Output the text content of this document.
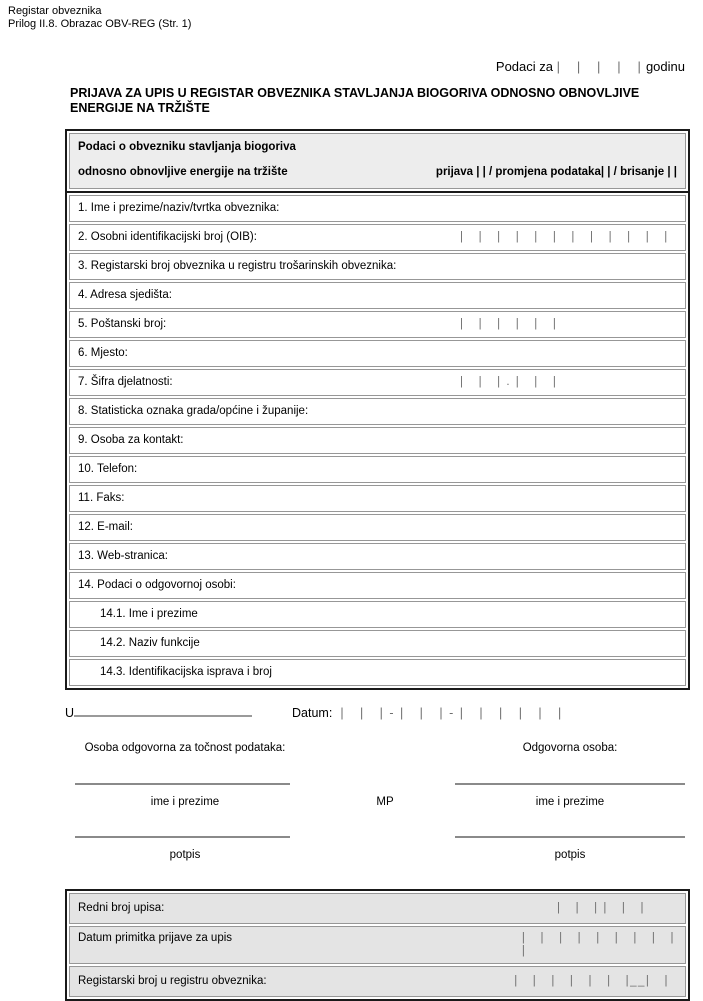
Registar obveznika
Prilog II.8. Obrazac OBV-REG (Str. 1)
Podaci za |   |   |   |   | godinu
PRIJAVA ZA UPIS U REGISTAR OBVEZNIKA STAVLJANJA BIOGORIVA ODNOSNO OBNOVLJIVE ENERGIJE NA TRŽIŠTE
Podaci o obvezniku stavljanja biogoriva
odnosno obnovljive energije na tržište	prijava | | / promjena podataka| | / brisanje | |
1. Ime i prezime/naziv/tvrtka obveznika:
2. Osobni identifikacijski broj (OIB):	|   |   |   |   |   |   |   |   |   |   |   |
3. Registarski broj obveznika u registru trošarinskih obveznika:
4. Adresa sjedišta:
5. Poštanski broj:	|   |   |   |   |   |
6. Mjesto:
7. Šifra djelatnosti:	|   |   | . |   |   |
8. Statisticka oznaka grada/općine i županije:
9. Osoba za kontakt:
10. Telefon:
11. Faks:
12. E-mail:
13. Web-stranica:
14. Podaci o odgovornoj osobi:
14.1. Ime i prezime
14.2. Naziv funkcije
14.3. Identifikacijska isprava i broj
U	Datum: |   |   | - |   |   | - |   |   |   |   |   |
Osoba odgovorna za točnost podataka:	Odgovorna osoba:
ime i prezime	MP	ime i prezime
potpis	potpis
Redni broj upisa:	|   |   | |   |   |
Datum primitka prijave za upis	|   |   |   |   |   |   |   |   |
|
Registarski broj u registru obveznika:	|   |   |   |   |   |   |__|   |
